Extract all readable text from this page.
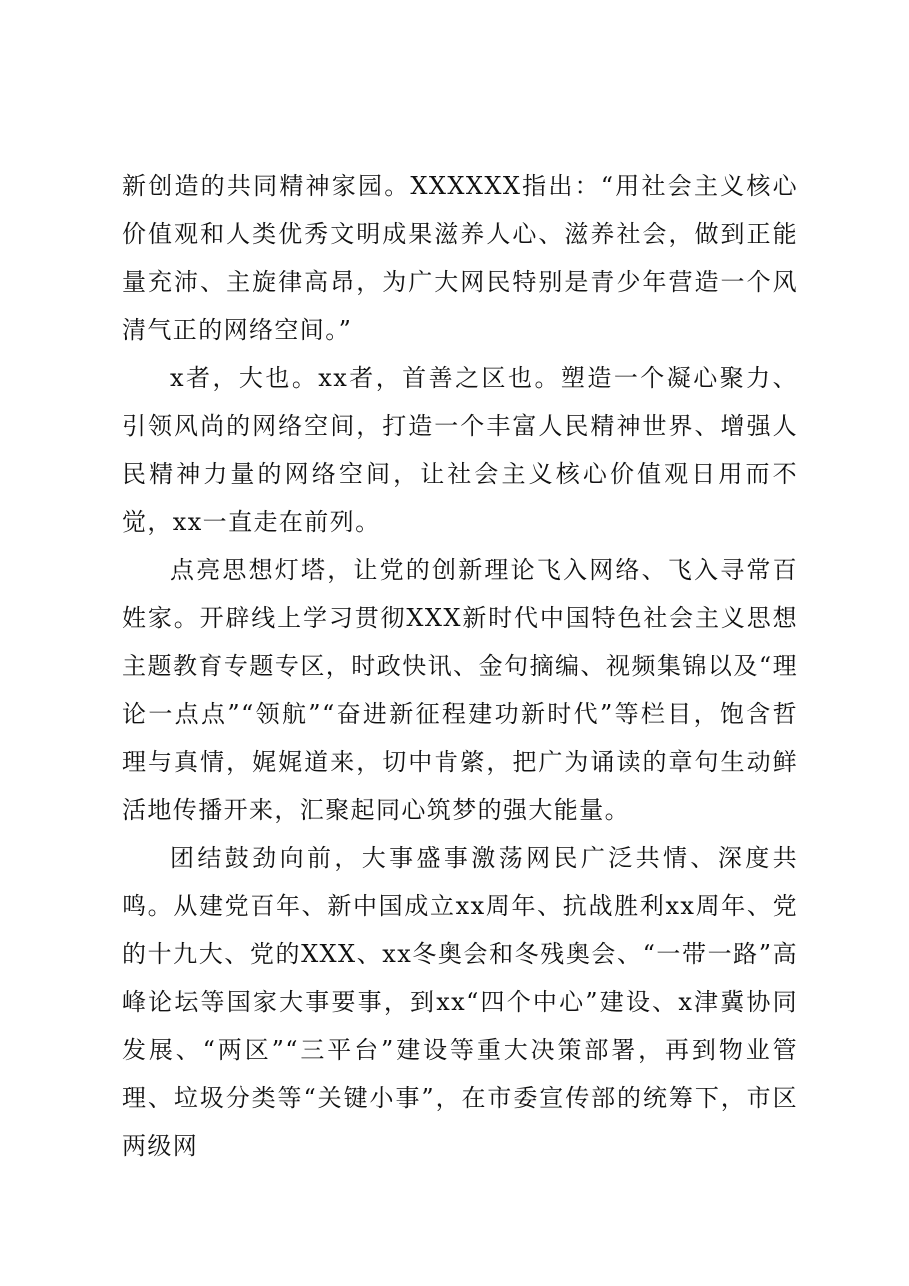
新创造的共同精神家园。XXXXXX指出：“用社会主义核心价值观和人类优秀文明成果滋养人心、滋养社会，做到正能量充沛、主旋律高昂，为广大网民特别是青少年营造一个风清气正的网络空间。”

x者，大也。xx者，首善之区也。塑造一个凝心聚力、引领风尚的网络空间，打造一个丰富人民精神世界、增强人民精神力量的网络空间，让社会主义核心价值观日用而不觉，xx一直走在前列。

点亮思想灯塔，让党的创新理论飞入网络、飞入寻常百姓家。开辟线上学习贯彻XXX新时代中国特色社会主义思想主题教育专题专区，时政快讯、金句摘编、视频集锦以及“理论一点点”“领航”“奋进新征程建功新时代”等栏目，饱含哲理与真情，娓娓道来，切中肯綮，把广为诵读的章句生动鲜活地传播开来，汇聚起同心筑梦的强大能量。

团结鼓劲向前，大事盛事激荡网民广泛共情、深度共鸣。从建党百年、新中国成立xx周年、抗战胜利xx周年、党的十九大、党的XXX、xx冬奥会和冬残奥会、“一带一路”高峰论坛等国家大事要事，到xx“四个中心”建设、x津冀协同发展、“两区”“三平台”建设等重大决策部署，再到物业管理、垃圾分类等“关键小事”，在市委宣传部的统筹下，市区两级网
